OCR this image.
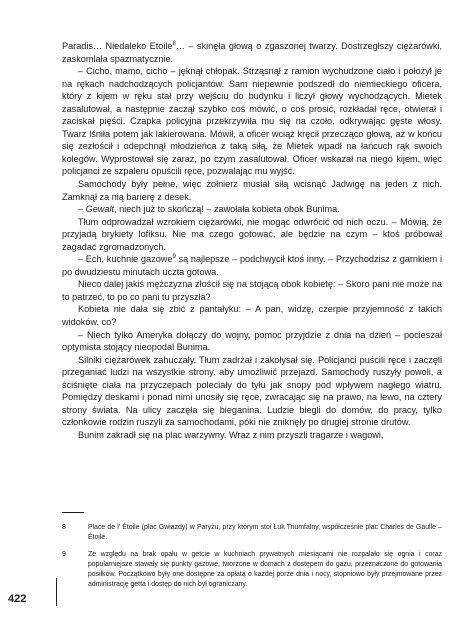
Paradis… Niedaleko Etoile$^8$… – skinęła głową o zgaszonej twarzy. Dostrzegłszy ciężarówki, zaskomlała spazmatycznie.

– Cicho, mamo, cicho – jęknął chłopak. Strząsnął z ramion wychudzone ciało i położył je na rękach nadchodzących policjantów. Sam niepewnie podszedł do niemieckiego oficera, który z kijem w ręku stał przy wejściu do budynku i liczył głowy wychodzących. Mietek zasalutował, a następnie zaczął szybko coś mówić, o coś prosić, rozkładał ręce, otwierał i zaciskał pięści. Czapka policyjna przekrzywiła mu się na czoło, odkrywając gęste włosy. Twarz lśniła potem jak lakierowana. Mówił, a oficer wciąż kręcił przecząco głową, aż w końcu się zezłościł i odepchnął młodzieńca z taką siłą, że Mietek wpadł na łańcuch rąk swoich kolegów. Wyprostował się zaraz, po czym zasalutował. Oficer wskazał na niego kijem, więc policjanci ze szpaleru opuścili ręce, pozwalając mu wyjść.

Samochody były pełne, więc żołnierz musiał siłą wcisnąć Jadwigę na jeden z nich. Zamknął za nią barierę z desek.

– Gewalt, niech już to skończą! – zawołała kobieta obok Bunima.

Tłum odprowadzał wzrokiem ciężarówki, nie mogąc odwrócić od nich oczu. – Mówią, że przyjadą brykiety lofiksu. Nie ma czego gotować, ale będzie na czym – ktoś próbował zagadać zgromadzonych.

– Ech, kuchnie gazowe$^9$ są najlepsze – podchwycił ktoś inny. – Przychodzisz z garnkiem i po dwudziestu minutach ucztа gotowa.

Nieco dalej jakiś mężczyzna złościł się na stojącą obok kobietę: – Skoro pani nie może na to patrzeć, to po co pani tu przyszła?

Kobieta nie dała się zbić z pantałyku: – A pan, widzę, czerpie przyjemność z takich widoków, co?

– Niech tylko Ameryka dołączy do wojny, pomoc przyjdzie z dnia na dzień – pocieszał optymista stojący nieopodal Bunima.

Silniki ciężarówek zahuczały. Tłum zadrżał i zakołysał się. Policjanci puścili ręce i zaczęli przeganiać ludzi na wszystkie strony, aby umożliwić przejazd. Samochody ruszyły powoli, a ściśnięte ciała na przyczepach poleciały do tyłu jak snopy pod wpływem nagłego wiatru. Pomiędzy deskami i ponad nimi unosiły się ręce, zwracając się na prawo, na lewo, na cztery strony świata. Na ulicy zaczęła się bieganina. Ludzie biegli do domów, do pracy, tylko członkowie rodzin ruszyli za samochodami, póki nie zniknęły po drugiej stronie drutów.

Bunim zakradł się na plac warzywny. Wraz z nim przyszli tragarze i wagowi,

8	Place de l’ Étoile (plac Gwiazdy) w Paryżu, przy którym stoi Łuk Triumfalny, współcześnie plac Charles de Gaulle – Étoile.
9	Ze względu na brak opału w getcie w kuchniach prywatnych miesiącami nie rozpalało się ognia i coraz popularniejsze stawały się punkty gazowe, tworzone w domach z dostępem do gazu, przeznaczone do gotowania posiłków. Początkowo były one dostępne za opłatą o każdej porze dnia i nocy, stopniowo były przejmowane przez administrację getta i dostęp do nich był ograniczany.
422
